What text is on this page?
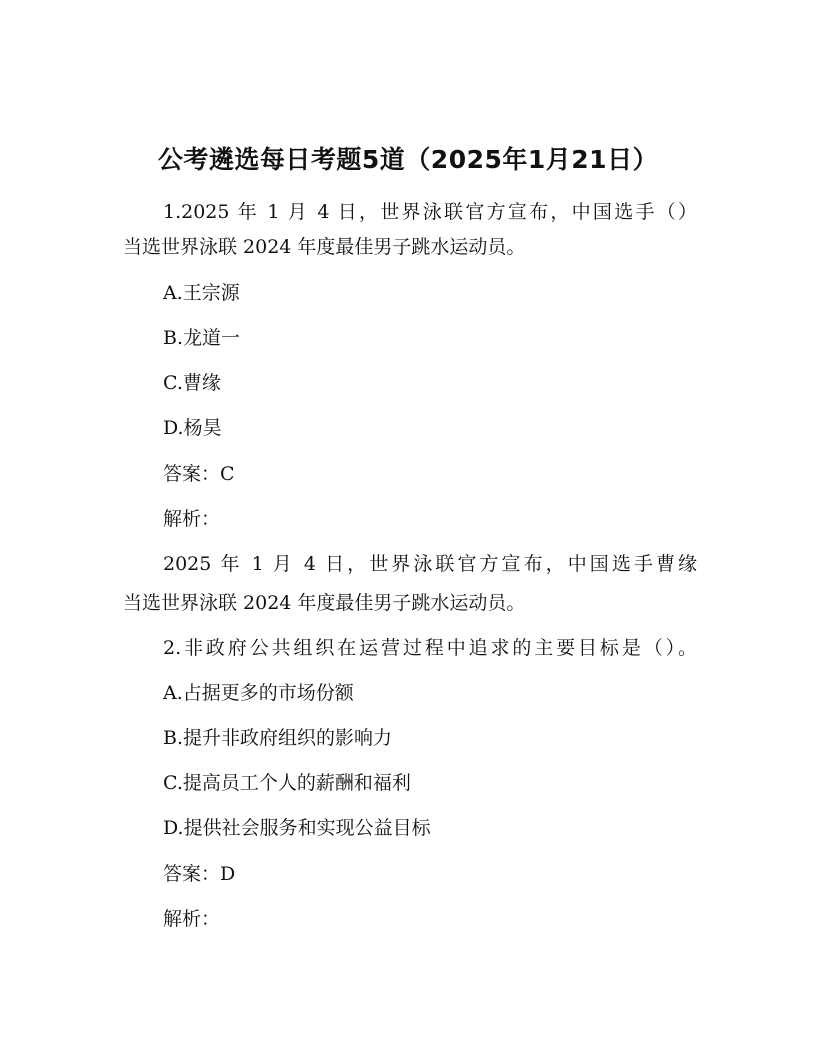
公考遴选每日考题5道（2025年1月21日）

1.2025 年 1 月 4 日，世界泳联官方宣布，中国选手（）

当选世界泳联 2024 年度最佳男子跳水运动员。

A.王宗源

B.龙道一

C.曹缘

D.杨昊

答案：C

解析：

2025 年 1 月 4 日，世界泳联官方宣布，中国选手曹缘

当选世界泳联 2024 年度最佳男子跳水运动员。

2.非政府公共组织在运营过程中追求的主要目标是（）。

A.占据更多的市场份额

B.提升非政府组织的影响力

C.提高员工个人的薪酬和福利

D.提供社会服务和实现公益目标

答案：D

解析：
